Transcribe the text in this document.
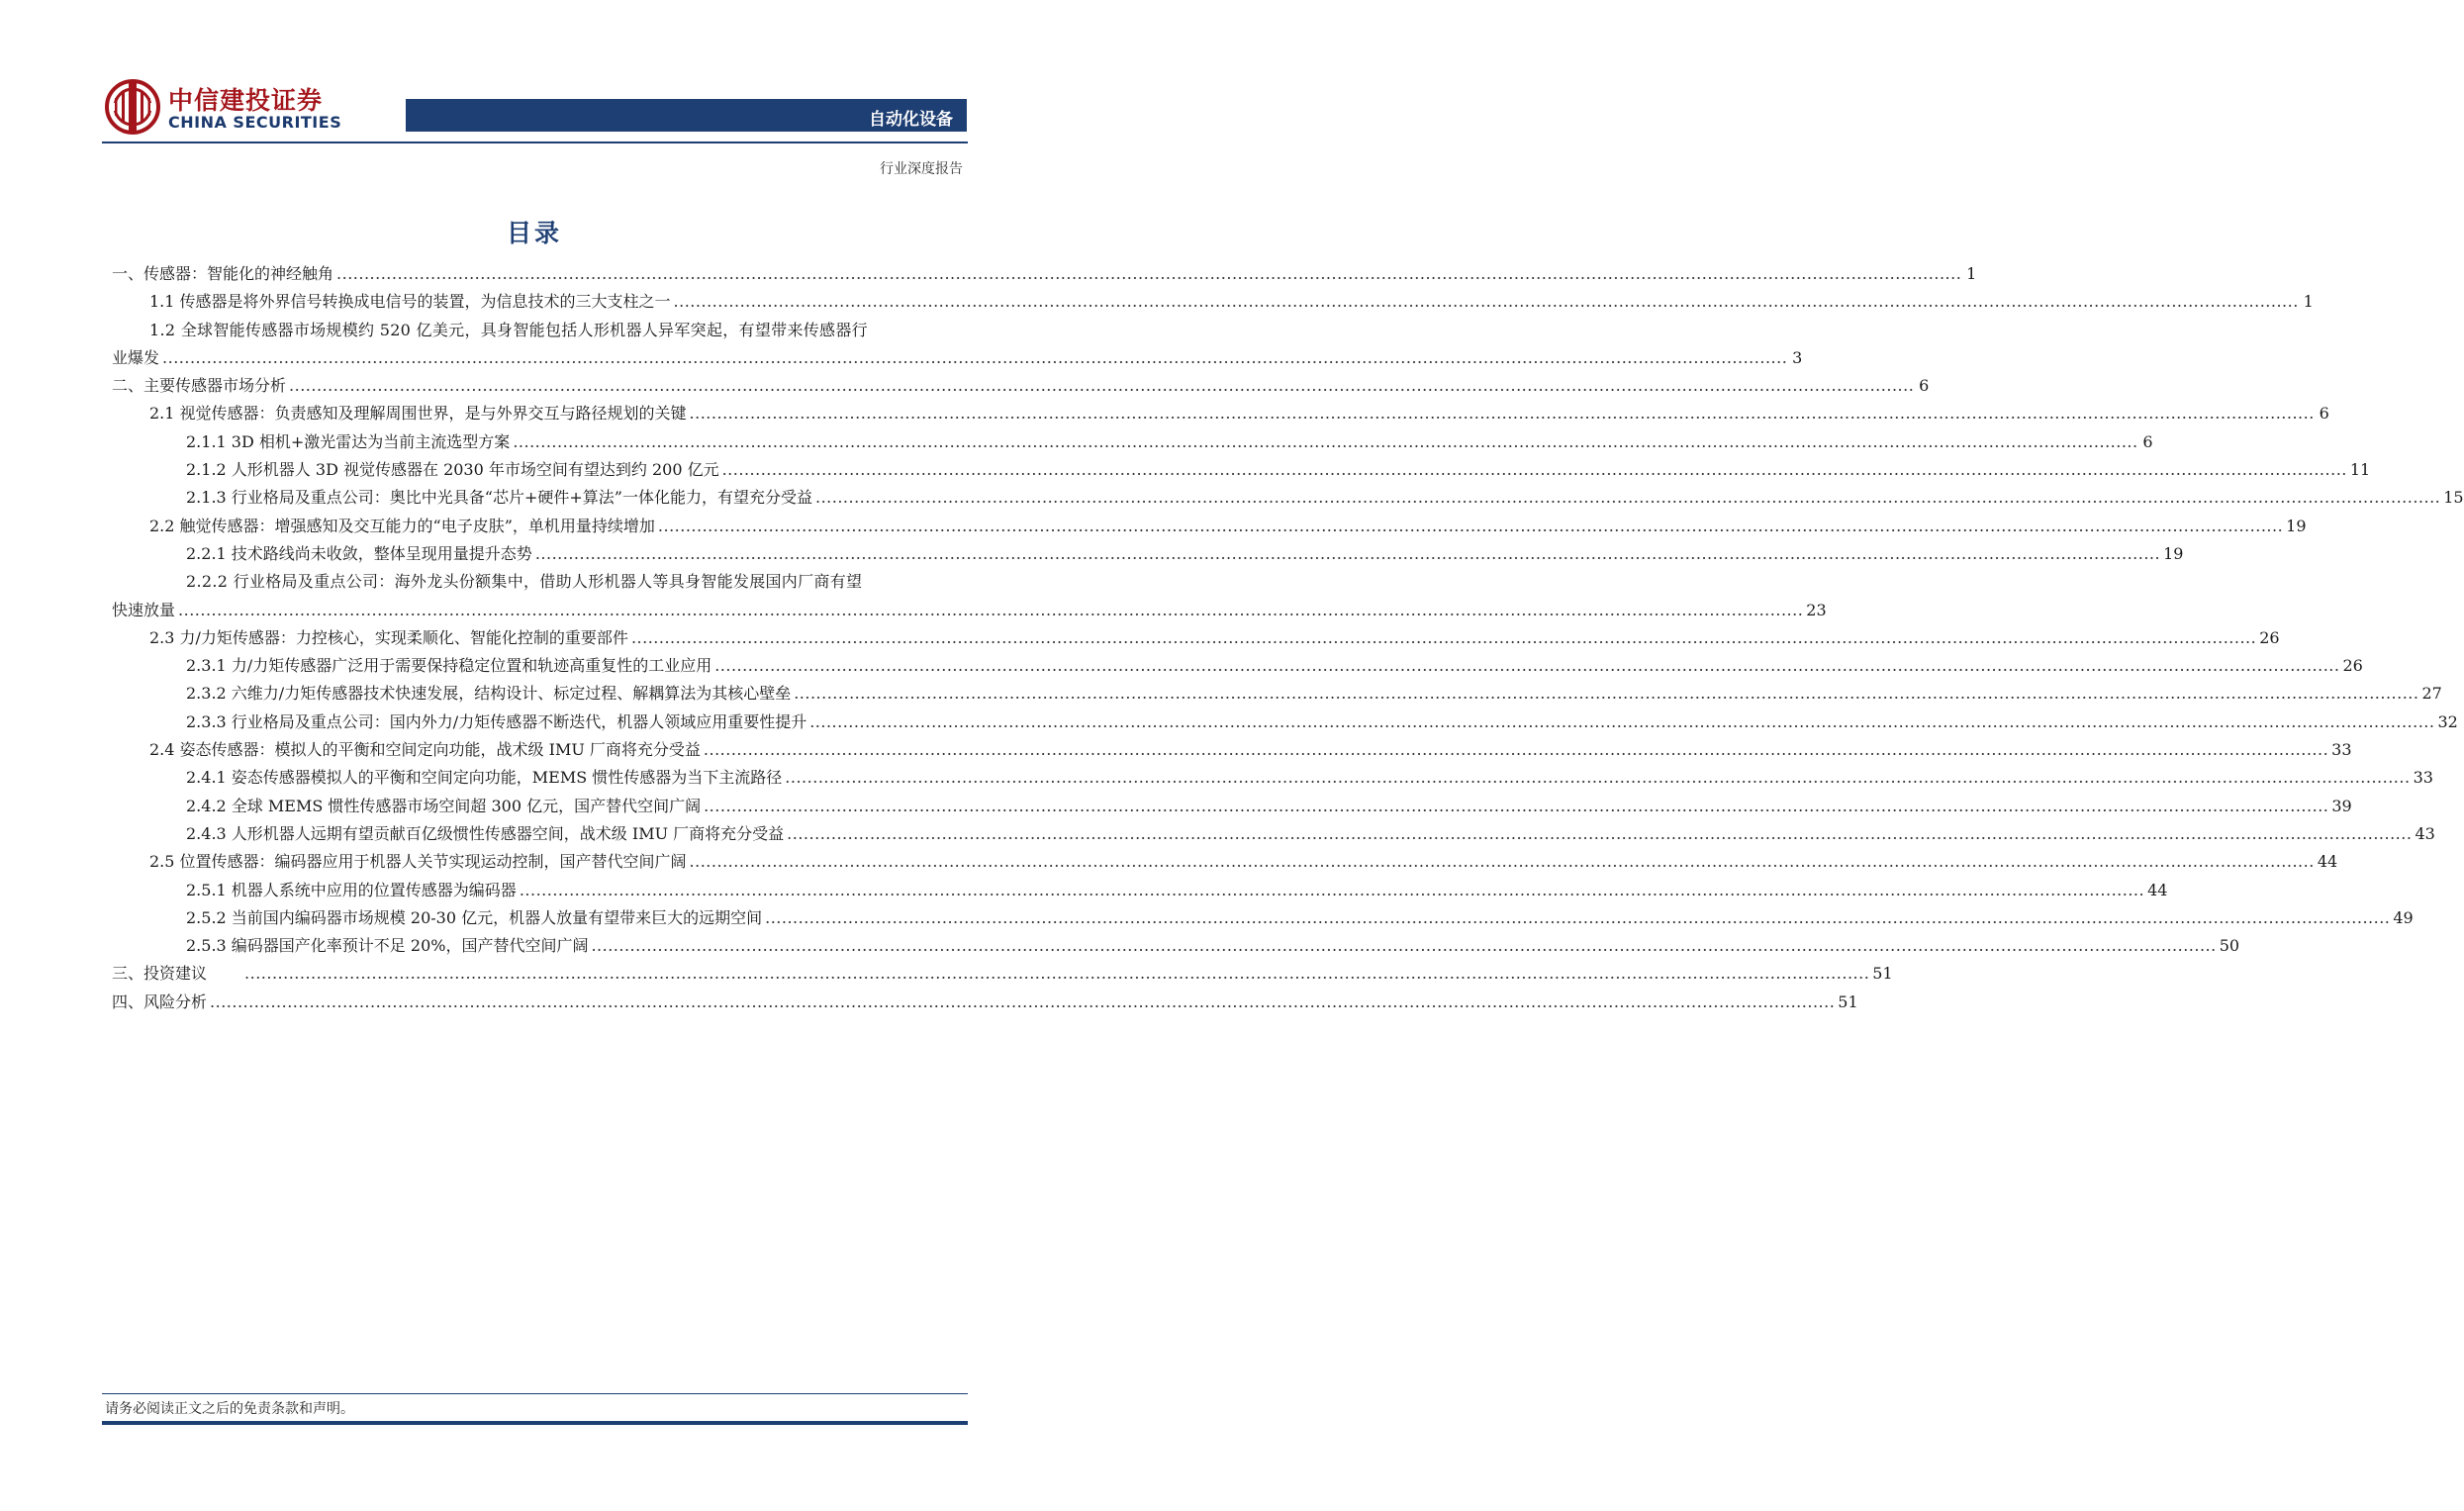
中信建投证券
CHINA SECURITIES	自动化设备
行业深度报告
目录
一、传感器：智能化的神经触角 .....	1
1.1 传感器是将外界信号转换成电信号的装置，为信息技术的三大支柱之一 .....	1
1.2 全球智能传感器市场规模约 520 亿美元，具身智能包括人形机器人异军突起，有望带来传感器行
业爆发 .....	3
二、主要传感器市场分析 .....	6
2.1 视觉传感器：负责感知及理解周围世界，是与外界交互与路径规划的关键 .....	6
2.1.1 3D 相机+激光雷达为当前主流选型方案 .....	6
2.1.2 人形机器人 3D 视觉传感器在 2030 年市场空间有望达到约 200 亿元 .....	11
2.1.3 行业格局及重点公司：奥比中光具备“芯片+硬件+算法”一体化能力，有望充分受益 .....	15
2.2 触觉传感器：增强感知及交互能力的“电子皮肤”，单机用量持续增加 .....	19
2.2.1 技术路线尚未收敛，整体呈现用量提升态势 .....	19
2.2.2 行业格局及重点公司：海外龙头份额集中，借助人形机器人等具身智能发展国内厂商有望
快速放量 .....	23
2.3 力/力矩传感器：力控核心，实现柔顺化、智能化控制的重要部件 .....	26
2.3.1 力/力矩传感器广泛用于需要保持稳定位置和轨迹高重复性的工业应用 .....	26
2.3.2 六维力/力矩传感器技术快速发展，结构设计、标定过程、解耦算法为其核心壁垒 .....	27
2.3.3 行业格局及重点公司：国内外力/力矩传感器不断迭代，机器人领域应用重要性提升 .....	32
2.4 姿态传感器：模拟人的平衡和空间定向功能，战术级 IMU 厂商将充分受益 .....	33
2.4.1 姿态传感器模拟人的平衡和空间定向功能，MEMS 惯性传感器为当下主流路径 .....	33
2.4.2 全球 MEMS 惯性传感器市场空间超 300 亿元，国产替代空间广阔 .....	39
2.4.3 人形机器人远期有望贡献百亿级惯性传感器空间，战术级 IMU 厂商将充分受益 .....	43
2.5 位置传感器：编码器应用于机器人关节实现运动控制，国产替代空间广阔 .....	44
2.5.1 机器人系统中应用的位置传感器为编码器 .....	44
2.5.2 当前国内编码器市场规模 20-30 亿元，机器人放量有望带来巨大的远期空间 .....	49
2.5.3 编码器国产化率预计不足 20%，国产替代空间广阔 .....	50
三、投资建议 .....	51
四、风险分析 .....	51
请务必阅读正文之后的免责条款和声明。
